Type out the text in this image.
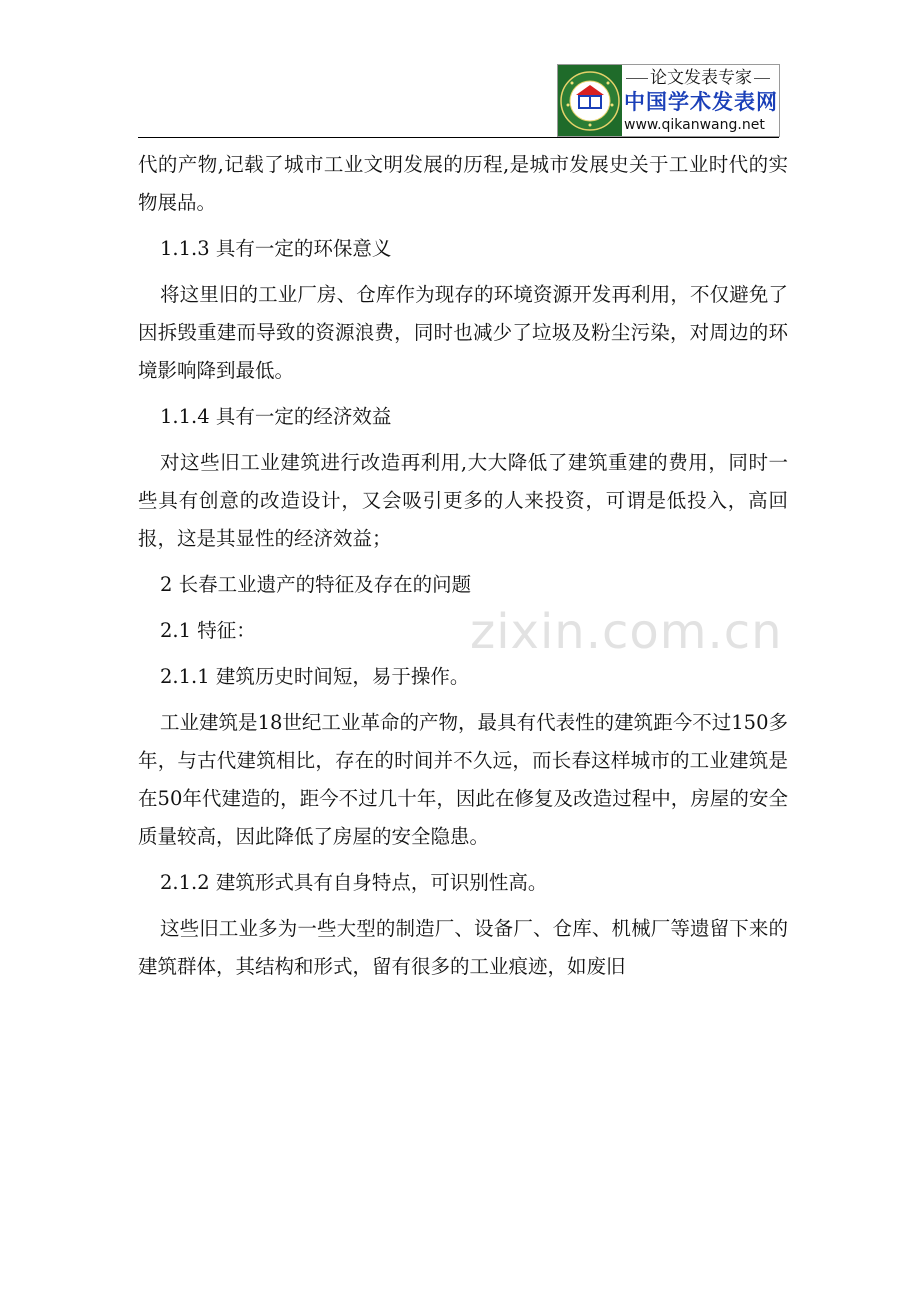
论文发表专家
中国学术发表网
www.qikanwang.net
zixin.com.cn

代的产物,记载了城市工业文明发展的历程,是城市发展史关于工业时代的实物展品。

1.1.3 具有一定的环保意义

将这里旧的工业厂房、仓库作为现存的环境资源开发再利用，不仅避免了因拆毁重建而导致的资源浪费，同时也减少了垃圾及粉尘污染，对周边的环境影响降到最低。

1.1.4 具有一定的经济效益

对这些旧工业建筑进行改造再利用,大大降低了建筑重建的费用，同时一些具有创意的改造设计，又会吸引更多的人来投资，可谓是低投入，高回报，这是其显性的经济效益；

2 长春工业遗产的特征及存在的问题

2.1 特征：

2.1.1 建筑历史时间短，易于操作。

工业建筑是18世纪工业革命的产物，最具有代表性的建筑距今不过150多年，与古代建筑相比，存在的时间并不久远，而长春这样城市的工业建筑是在50年代建造的，距今不过几十年，因此在修复及改造过程中，房屋的安全质量较高，因此降低了房屋的安全隐患。

2.1.2 建筑形式具有自身特点，可识别性高。

这些旧工业多为一些大型的制造厂、设备厂、仓库、机械厂等遗留下来的建筑群体，其结构和形式，留有很多的工业痕迹，如废旧
